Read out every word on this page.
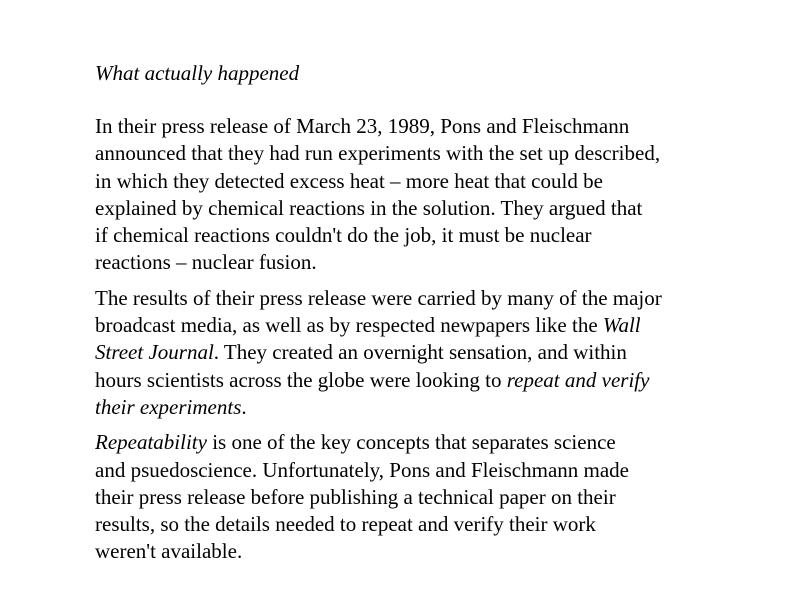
What actually happened

In their press release of March 23, 1989, Pons and Fleischmann
announced that they had run experiments with the set up described,
in which they detected excess heat – more heat that could be
explained by chemical reactions in the solution. They argued that
if chemical reactions couldn't do the job, it must be nuclear
reactions – nuclear fusion.

The results of their press release were carried by many of the major
broadcast media, as well as by respected newpapers like the Wall
Street Journal. They created an overnight sensation, and within
hours scientists across the globe were looking to repeat and verify
their experiments.

Repeatability is one of the key concepts that separates science
and psuedoscience. Unfortunately, Pons and Fleischmann made
their press release before publishing a technical paper on their
results, so the details needed to repeat and verify their work
weren't available.
